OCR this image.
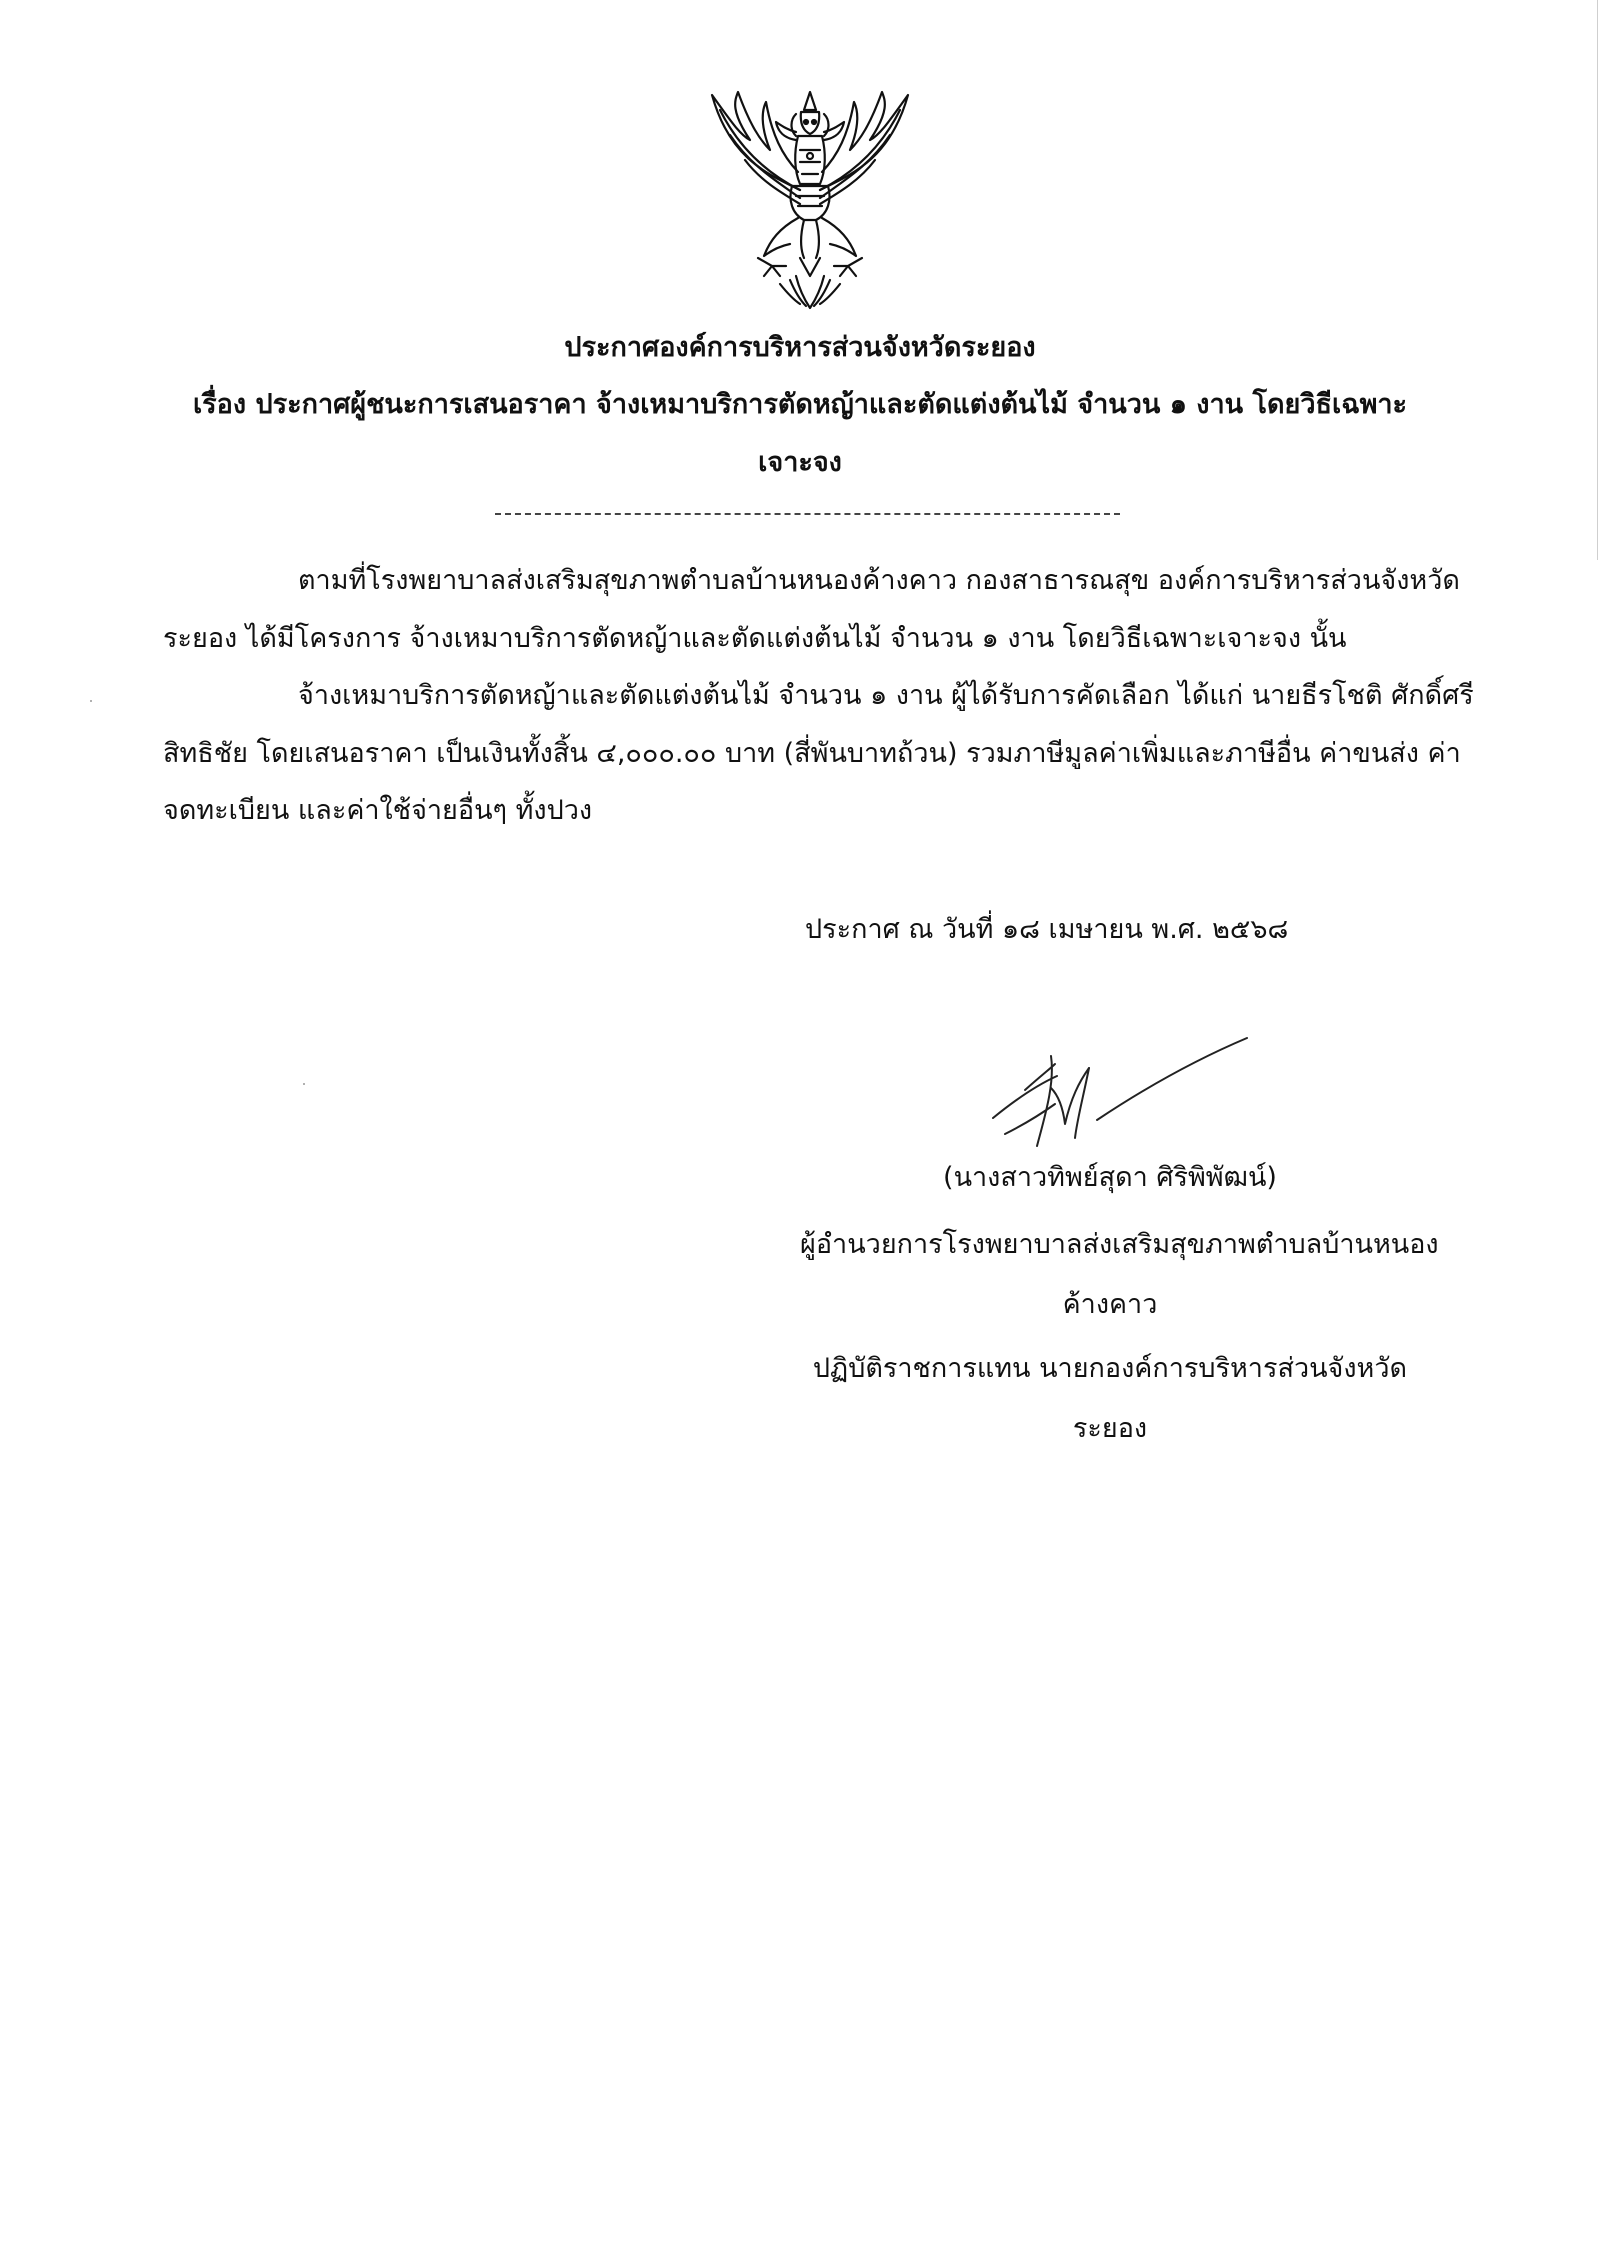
ประกาศองค์การบริหารส่วนจังหวัดระยอง
เรื่อง ประกาศผู้ชนะการเสนอราคา จ้างเหมาบริการตัดหญ้าและตัดแต่งต้นไม้ จำนวน ๑ งาน โดยวิธีเฉพาะ
เจาะจง
ตามที่โรงพยาบาลส่งเสริมสุขภาพตำบลบ้านหนองค้างคาว กองสาธารณสุข องค์การบริหารส่วนจังหวัด
ระยอง ได้มีโครงการ จ้างเหมาบริการตัดหญ้าและตัดแต่งต้นไม้ จำนวน ๑ งาน โดยวิธีเฉพาะเจาะจง นั้น
จ้างเหมาบริการตัดหญ้าและตัดแต่งต้นไม้ จำนวน ๑ งาน ผู้ได้รับการคัดเลือก ได้แก่ นายธีรโชติ ศักดิ์ศรี
สิทธิชัย โดยเสนอราคา เป็นเงินทั้งสิ้น ๔,๐๐๐.๐๐ บาท (สี่พันบาทถ้วน) รวมภาษีมูลค่าเพิ่มและภาษีอื่น ค่าขนส่ง ค่า
จดทะเบียน และค่าใช้จ่ายอื่นๆ ทั้งปวง
ประกาศ ณ วันที่ ๑๘ เมษายน พ.ศ. ๒๕๖๘
(นางสาวทิพย์สุดา ศิริพิพัฒน์)
ผู้อำนวยการโรงพยาบาลส่งเสริมสุขภาพตำบลบ้านหนอง
ค้างคาว
ปฏิบัติราชการแทน นายกองค์การบริหารส่วนจังหวัด
ระยอง
